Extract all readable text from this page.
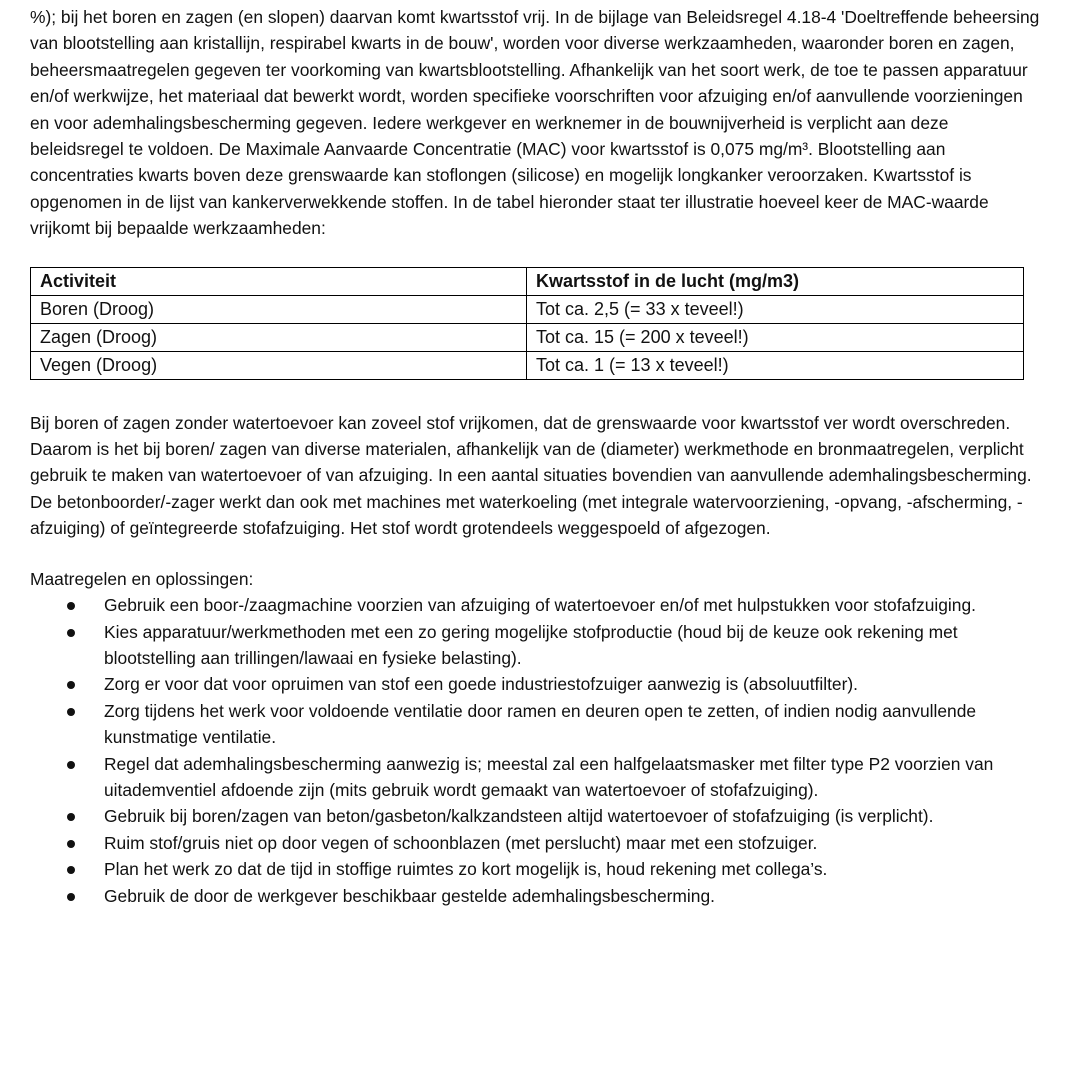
%); bij het boren en zagen (en slopen) daarvan komt kwartsstof vrij. In de bijlage van Beleidsregel 4.18-4 'Doeltreffende beheersing van blootstelling aan kristallijn, respirabel kwarts in de bouw', worden voor diverse werkzaamheden, waaronder boren en zagen, beheersmaatregelen gegeven ter voorkoming van kwartsblootstelling. Afhankelijk van het soort werk, de toe te passen apparatuur en/of werkwijze, het materiaal dat bewerkt wordt, worden specifieke voorschriften voor afzuiging en/of aanvullende voorzieningen en voor ademhalingsbescherming gegeven. Iedere werkgever en werknemer in de bouwnijverheid is verplicht aan deze beleidsregel te voldoen. De Maximale Aanvaarde Concentratie (MAC) voor kwartsstof is 0,075 mg/m³. Blootstelling aan concentraties kwarts boven deze grenswaarde kan stoflongen (silicose) en mogelijk longkanker veroorzaken. Kwartsstof is opgenomen in de lijst van kankerverwekkende stoffen. In de tabel hieronder staat ter illustratie hoeveel keer de MAC-waarde vrijkomt bij bepaalde werkzaamheden:

Activiteit	Kwartsstof in de lucht (mg/m3)
Boren (Droog)	Tot ca. 2,5 (= 33 x teveel!)
Zagen (Droog)	Tot ca. 15 (= 200 x teveel!)
Vegen (Droog)	Tot ca. 1 (= 13 x teveel!)

Bij boren of zagen zonder watertoevoer kan zoveel stof vrijkomen, dat de grenswaarde voor kwartsstof ver wordt overschreden. Daarom is het bij boren/ zagen van diverse materialen, afhankelijk van de (diameter) werkmethode en bronmaatregelen, verplicht gebruik te maken van watertoevoer of van afzuiging. In een aantal situaties bovendien van aanvullende ademhalingsbescherming. De betonboorder/-zager werkt dan ook met machines met waterkoeling (met integrale watervoorziening, -opvang, -afscherming, -afzuiging) of geïntegreerde stofafzuiging. Het stof wordt grotendeels weggespoeld of afgezogen.

Maatregelen en oplossingen:
Gebruik een boor-/zaagmachine voorzien van afzuiging of watertoevoer en/of met hulpstukken voor stofafzuiging.
Kies apparatuur/werkmethoden met een zo gering mogelijke stofproductie (houd bij de keuze ook rekening met blootstelling aan trillingen/lawaai en fysieke belasting).
Zorg er voor dat voor opruimen van stof een goede industriestofzuiger aanwezig is (absoluutfilter).
Zorg tijdens het werk voor voldoende ventilatie door ramen en deuren open te zetten, of indien nodig aanvullende kunstmatige ventilatie.
Regel dat ademhalingsbescherming aanwezig is; meestal zal een halfgelaatsmasker met filter type P2 voorzien van uitademventiel afdoende zijn (mits gebruik wordt gemaakt van watertoevoer of stofafzuiging).
Gebruik bij boren/zagen van beton/gasbeton/kalkzandsteen altijd watertoevoer of stofafzuiging (is verplicht).
Ruim stof/gruis niet op door vegen of schoonblazen (met perslucht) maar met een stofzuiger.
Plan het werk zo dat de tijd in stoffige ruimtes zo kort mogelijk is, houd rekening met collega’s.
Gebruik de door de werkgever beschikbaar gestelde ademhalingsbescherming.
